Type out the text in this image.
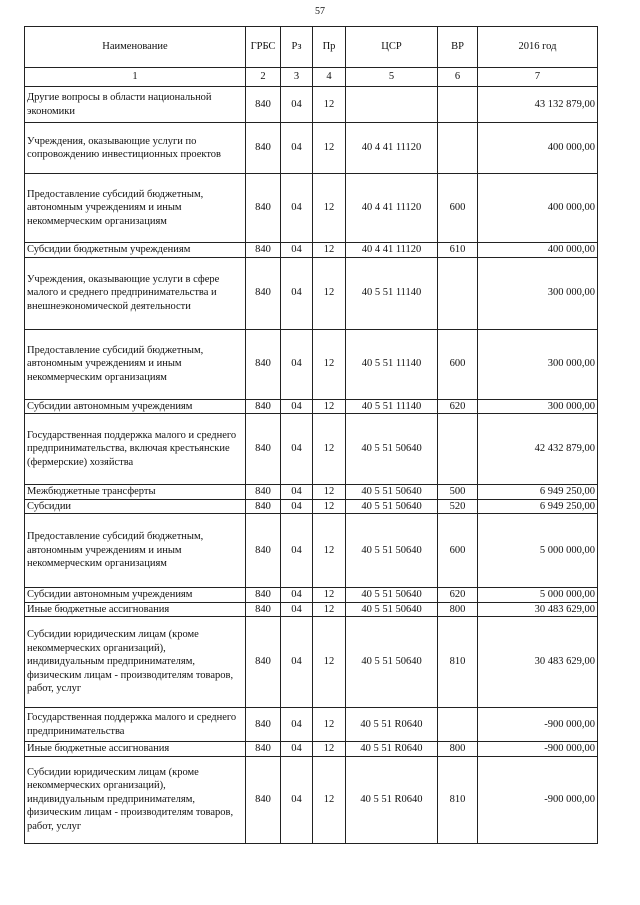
57
Наименование	ГРБС	Рз	Пр	ЦСР	ВР	2016 год
1	2	3	4	5	6	7
Другие вопросы в области национальной экономики	840	04	12			43 132 879,00
Учреждения, оказывающие услуги по сопровождению инвестиционных проектов	840	04	12	40 4 41 11120		400 000,00
Предоставление субсидий бюджетным, автономным учреждениям и иным некоммерческим организациям	840	04	12	40 4 41 11120	600	400 000,00
Субсидии бюджетным учреждениям	840	04	12	40 4 41 11120	610	400 000,00
Учреждения, оказывающие услуги в сфере малого и среднего предпринимательства и внешнеэкономической деятельности	840	04	12	40 5 51 11140		300 000,00
Предоставление субсидий бюджетным, автономным учреждениям и иным некоммерческим организациям	840	04	12	40 5 51 11140	600	300 000,00
Субсидии автономным учреждениям	840	04	12	40 5 51 11140	620	300 000,00
Государственная поддержка малого и среднего предпринимательства, включая крестьянские (фермерские) хозяйства	840	04	12	40 5 51 50640		42 432 879,00
Межбюджетные трансферты	840	04	12	40 5 51 50640	500	6 949 250,00
Субсидии	840	04	12	40 5 51 50640	520	6 949 250,00
Предоставление субсидий бюджетным, автономным учреждениям и иным некоммерческим организациям	840	04	12	40 5 51 50640	600	5 000 000,00
Субсидии автономным учреждениям	840	04	12	40 5 51 50640	620	5 000 000,00
Иные бюджетные ассигнования	840	04	12	40 5 51 50640	800	30 483 629,00
Субсидии юридическим лицам (кроме некоммерческих организаций), индивидуальным предпринимателям, физическим лицам - производителям товаров, работ, услуг	840	04	12	40 5 51 50640	810	30 483 629,00
Государственная поддержка малого и среднего предпринимательства	840	04	12	40 5 51 R0640		-900 000,00
Иные бюджетные ассигнования	840	04	12	40 5 51 R0640	800	-900 000,00
Субсидии юридическим лицам (кроме некоммерческих организаций), индивидуальным предпринимателям, физическим лицам - производителям товаров, работ, услуг	840	04	12	40 5 51 R0640	810	-900 000,00
